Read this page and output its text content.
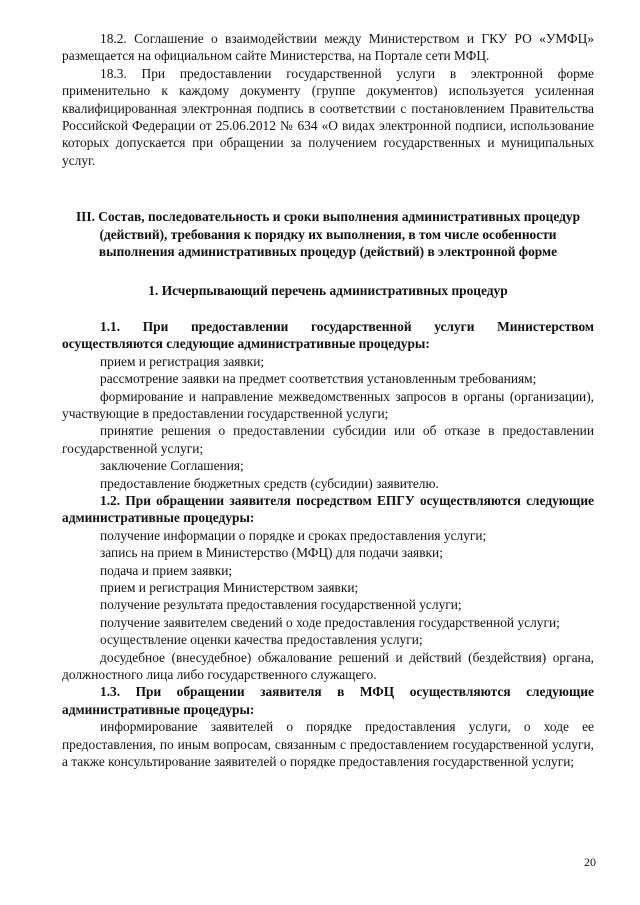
18.2. Соглашение о взаимодействии между Министерством и ГКУ РО «УМФЦ» размещается на официальном сайте Министерства, на Портале сети МФЦ.

18.3. При предоставлении государственной услуги в электронной форме применительно к каждому документу (группе документов) используется усиленная квалифицированная электронная подпись в соответствии с постановлением Правительства Российской Федерации от 25.06.2012 № 634 «О видах электронной подписи, использование которых допускается при обращении за получением государственных и муниципальных услуг.

III. Состав, последовательность и сроки выполнения административных процедур (действий), требования к порядку их выполнения, в том числе особенности выполнения административных процедур (действий) в электронной форме

1. Исчерпывающий перечень административных процедур

1.1. При предоставлении государственной услуги Министерством осуществляются следующие административные процедуры:

прием и регистрация заявки;

рассмотрение заявки на предмет соответствия установленным требованиям;

формирование и направление межведомственных запросов в органы (организации), участвующие в предоставлении государственной услуги;

принятие решения о предоставлении субсидии или об отказе в предоставлении государственной услуги;

заключение Соглашения;

предоставление бюджетных средств (субсидии) заявителю.

1.2. При обращении заявителя посредством ЕПГУ осуществляются следующие административные процедуры:

получение информации о порядке и сроках предоставления услуги;

запись на прием в Министерство (МФЦ) для подачи заявки;

подача и прием заявки;

прием и регистрация Министерством заявки;

получение результата предоставления государственной услуги;

получение заявителем сведений о ходе предоставления государственной услуги;

осуществление оценки качества предоставления услуги;

досудебное (внесудебное) обжалование решений и действий (бездействия) органа, должностного лица либо государственного служащего.

1.3. При обращении заявителя в МФЦ осуществляются следующие административные процедуры:

информирование заявителей о порядке предоставления услуги, о ходе ее предоставления, по иным вопросам, связанным с предоставлением государственной услуги, а также консультирование заявителей о порядке предоставления государственной услуги;

20
